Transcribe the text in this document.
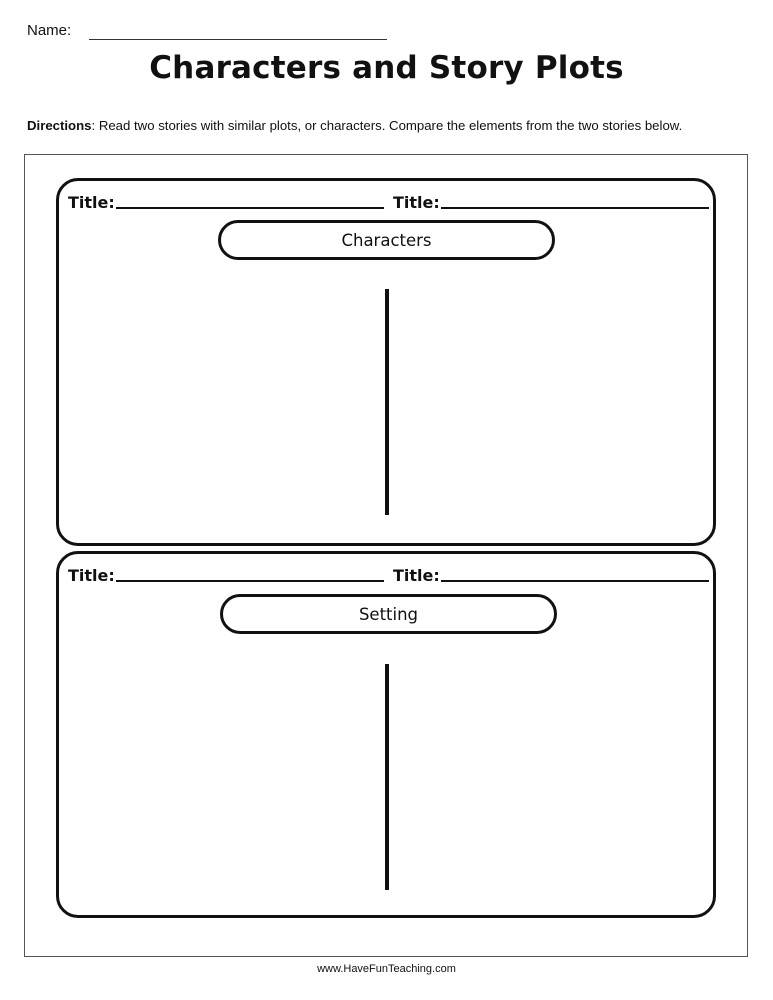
Name:
Characters and Story Plots
Directions: Read two stories with similar plots, or characters. Compare the elements from the two stories below.
Title:	Title:
Characters
Title:	Title:
Setting
www.HaveFunTeaching.com
